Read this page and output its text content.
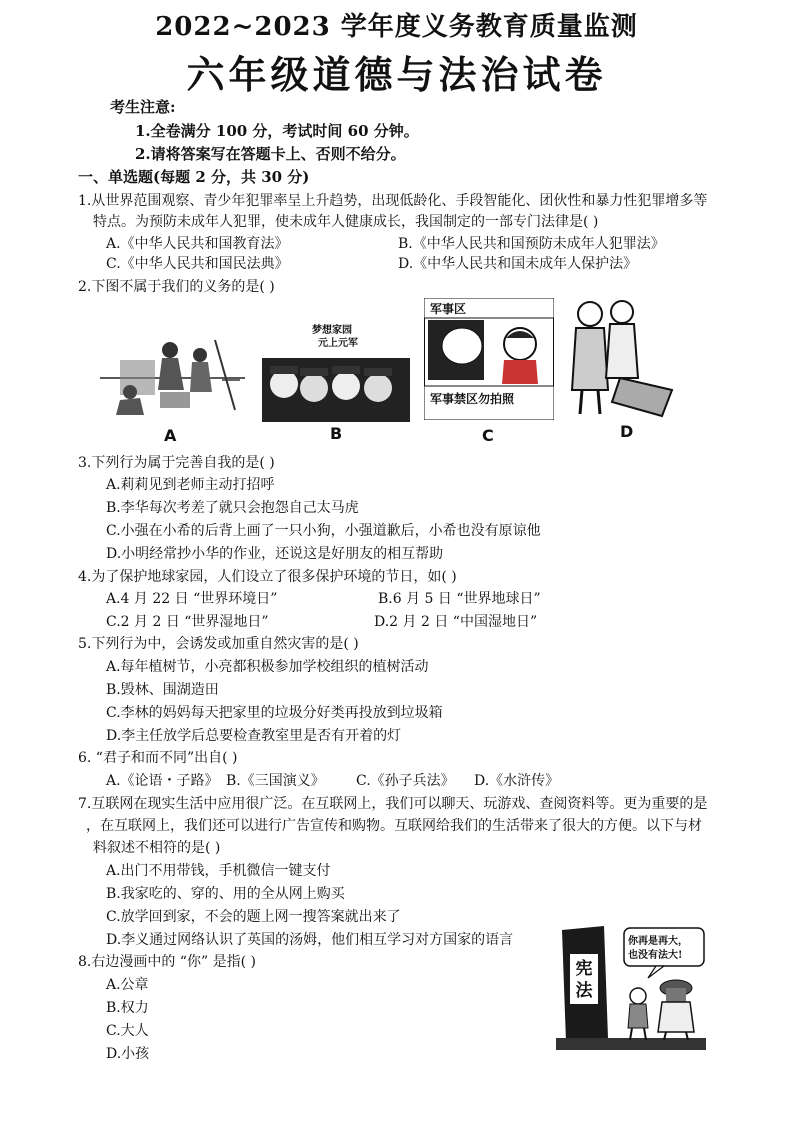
2022~2023 学年度义务教育质量监测
六年级道德与法治试卷
考生注意:
1.全卷满分 100 分，考试时间 60 分钟。
2.请将答案写在答题卡上、否则不给分。
一、单选题(每题 2 分，共 30 分)
1.从世界范围观察、青少年犯罪率呈上升趋势，出现低龄化、手段智能化、团伙性和暴力性犯罪增多等
特点。为预防未成年人犯罪，使未成年人健康成长，我国制定的一部专门法律是( )
A.《中华人民共和国教育法》	B.《中华人民共和国预防未成年人犯罪法》
C.《中华人民共和国民法典》	D.《中华人民共和国未成年人保护法》
2.下图不属于我们的义务的是( )
A
梦想家园
元上元军
B
军事区
军事禁区勿拍照
C	D
3.下列行为属于完善自我的是( )
A.莉莉见到老师主动打招呼
B.李华每次考差了就只会抱怨自己太马虎
C.小强在小希的后背上画了一只小狗，小强道歉后，小希也没有原谅他
D.小明经常抄小华的作业，还说这是好朋友的相互帮助
4.为了保护地球家园，人们设立了很多保护环境的节日，如( )
A.4 月 22 日 “世界环境日”	B.6 月 5 日 “世界地球日”
C.2 月 2 日 “世界湿地日”	D.2 月 2 日 “中国湿地日”
5.下列行为中，会诱发或加重自然灾害的是( )
A.每年植树节，小亮都积极参加学校组织的植树活动
B.毁林、围湖造田
C.李林的妈妈每天把家里的垃圾分好类再投放到垃圾箱
D.李主任放学后总要检查教室里是否有开着的灯
6. “君子和而不同”出自( )
A.《论语・子路》 B.《三国演义》 C.《孙子兵法》 D.《水浒传》
7.互联网在现实生活中应用很广泛。在互联网上，我们可以聊天、玩游戏、查阅资料等。更为重要的是
，在互联网上，我们还可以进行广告宣传和购物。互联网给我们的生活带来了很大的方便。以下与材
料叙述不相符的是( )
A.出门不用带钱，手机微信一键支付
B.我家吃的、穿的、用的全从网上购买
C.放学回到家，不会的题上网一搜答案就出来了
D.李义通过网络认识了英国的汤姆，他们相互学习对方国家的语言
8.右边漫画中的 “你” 是指( )
A.公章
B.权力
C.大人
D.小孩
宪法
你再是再大，
也没有法大!
